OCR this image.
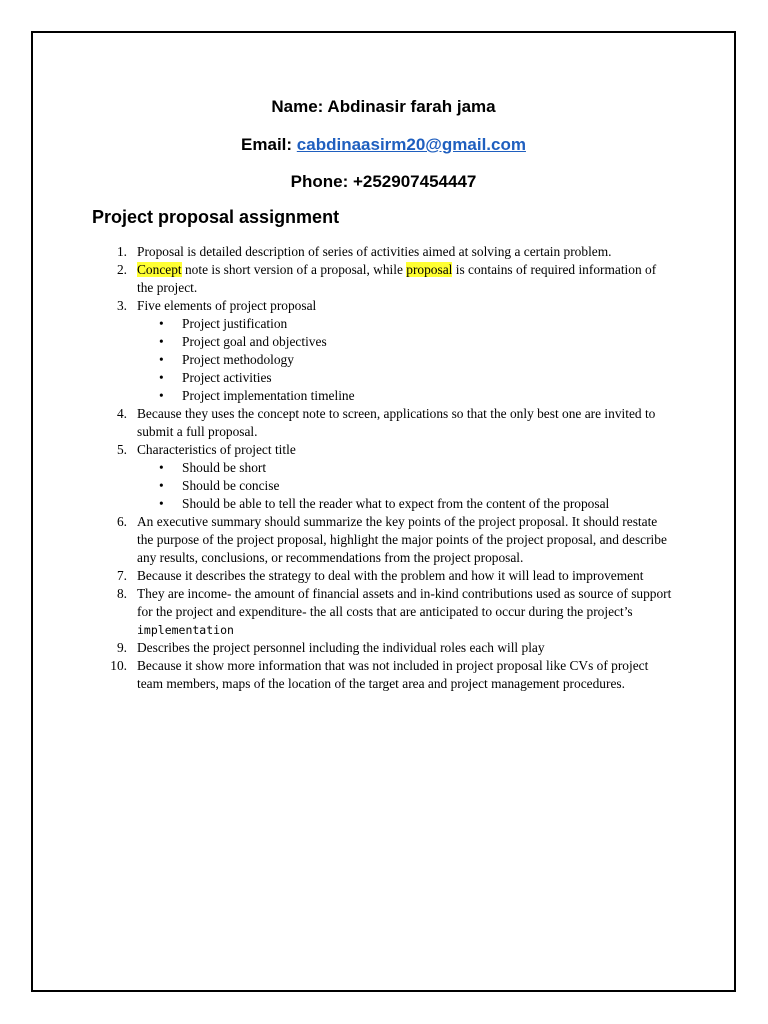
Name: Abdinasir farah jama
Email: cabdinaasirm20@gmail.com
Phone: +252907454447
Project proposal assignment
1. Proposal is detailed description of series of activities aimed at solving a certain problem.
2. Concept note is short version of a proposal, while proposal is contains of required information of the project.
3. Five elements of project proposal
• Project justification
• Project goal and objectives
• Project methodology
• Project activities
• Project implementation timeline
4. Because they uses the concept note to screen, applications so that the only best one are invited to submit a full proposal.
5. Characteristics of project title
• Should be short
• Should be concise
• Should be able to tell the reader what to expect from the content of the proposal
6. An executive summary should summarize the key points of the project proposal. It should restate the purpose of the project proposal, highlight the major points of the project proposal, and describe any results, conclusions, or recommendations from the project proposal.
7. Because it describes the strategy to deal with the problem and how it will lead to improvement
8. They are income- the amount of financial assets and in-kind contributions used as source of support for the project and expenditure- the all costs that are anticipated to occur during the project’s implementation
9. Describes the project personnel including the individual roles each will play
10. Because it show more information that was not included in project proposal like CVs of project team members, maps of the location of the target area and project management procedures.
